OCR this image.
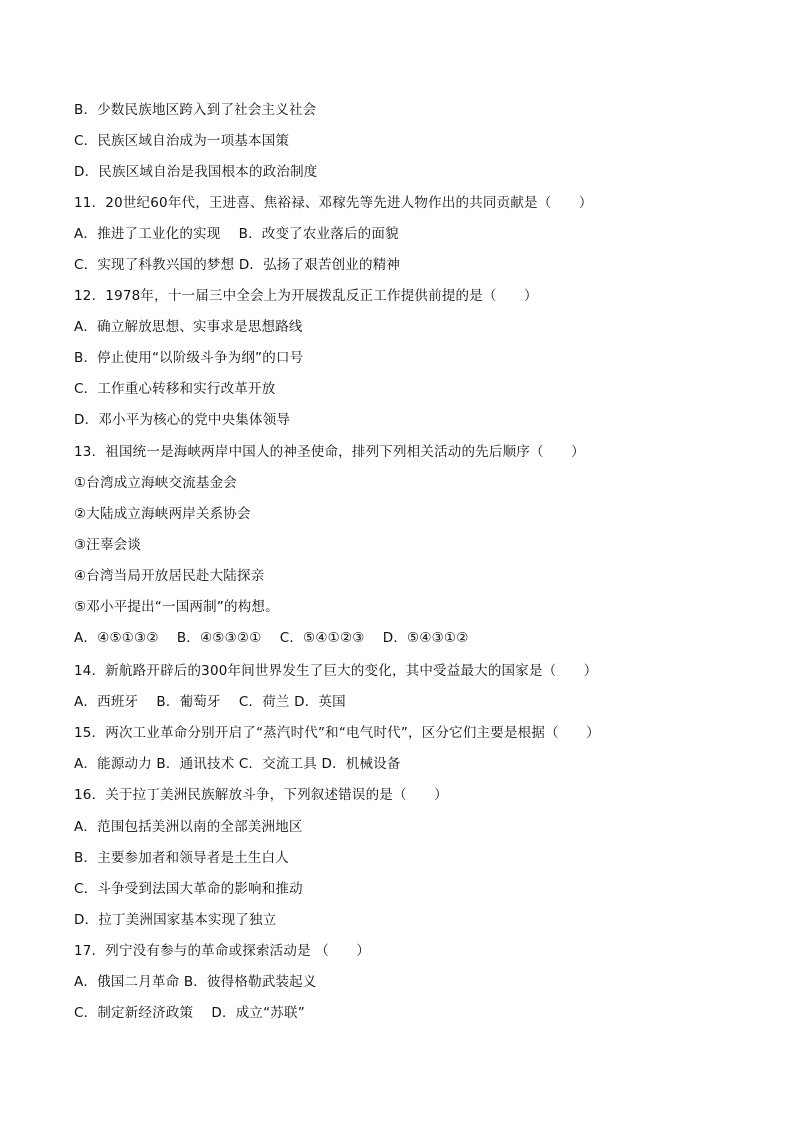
B．少数民族地区跨入到了社会主义社会
C．民族区域自治成为一项基本国策
D．民族区域自治是我国根本的政治制度
11．20世纪60年代，王进喜、焦裕禄、邓稼先等先进人物作出的共同贡献是（　　）
A．推进了工业化的实现　 B．改变了农业落后的面貌
C．实现了科教兴国的梦想 D．弘扬了艰苦创业的精神
12．1978年，十一届三中全会上为开展拨乱反正工作提供前提的是（　　）
A．确立解放思想、实事求是思想路线
B．停止使用“以阶级斗争为纲”的口号
C．工作重心转移和实行改革开放
D．邓小平为核心的党中央集体领导
13．祖国统一是海峡两岸中国人的神圣使命，排列下列相关活动的先后顺序（　　）
①台湾成立海峡交流基金会
②大陆成立海峡两岸关系协会
③汪辜会谈
④台湾当局开放居民赴大陆探亲
⑤邓小平提出“一国两制”的构想。
A．④⑤①③②　 B．④⑤③②①　 C．⑤④①②③　 D．⑤④③①②
14．新航路开辟后的300年间世界发生了巨大的变化，其中受益最大的国家是（　　）
A．西班牙　 B．葡萄牙　 C．荷兰 D．英国
15．两次工业革命分别开启了“蒸汽时代”和“电气时代”，区分它们主要是根据（　　）
A．能源动力 B．通讯技术 C．交流工具 D．机械设备
16．关于拉丁美洲民族解放斗争，下列叙述错误的是（　　）
A．范围包括美洲以南的全部美洲地区
B．主要参加者和领导者是土生白人
C．斗争受到法国大革命的影响和推动
D．拉丁美洲国家基本实现了独立
17．列宁没有参与的革命或探索活动是 （　　）
A．俄国二月革命 B．彼得格勒武装起义
C．制定新经济政策　 D．成立“苏联”
